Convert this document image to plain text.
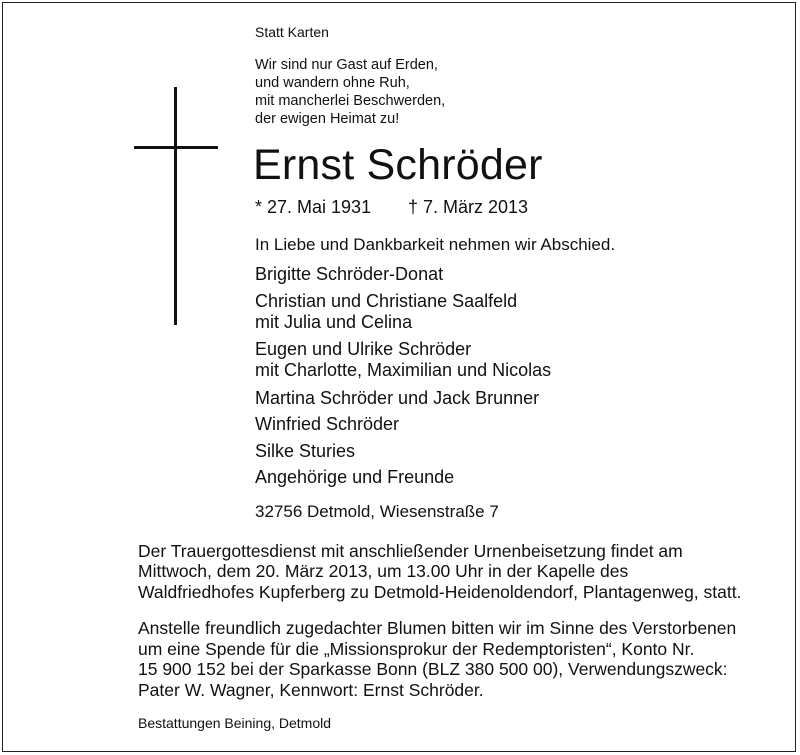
Statt Karten
Wir sind nur Gast auf Erden,
und wandern ohne Ruh,
mit mancherlei Beschwerden,
der ewigen Heimat zu!
Ernst Schröder
* 27. Mai 1931 † 7. März 2013
In Liebe und Dankbarkeit nehmen wir Abschied.
Brigitte Schröder-Donat
Christian und Christiane Saalfeld
mit Julia und Celina
Eugen und Ulrike Schröder
mit Charlotte, Maximilian und Nicolas
Martina Schröder und Jack Brunner
Winfried Schröder
Silke Sturies
Angehörige und Freunde
32756 Detmold, Wiesenstraße 7
Der Trauergottesdienst mit anschließender Urnenbeisetzung findet am
Mittwoch, dem 20. März 2013, um 13.00 Uhr in der Kapelle des
Waldfriedhofes Kupferberg zu Detmold-Heidenoldendorf, Plantagenweg, statt.
Anstelle freundlich zugedachter Blumen bitten wir im Sinne des Verstorbenen
um eine Spende für die „Missionsprokur der Redemptoristen“, Konto Nr.
15 900 152 bei der Sparkasse Bonn (BLZ 380 500 00), Verwendungszweck:
Pater W. Wagner, Kennwort: Ernst Schröder.
Bestattungen Beining, Detmold
